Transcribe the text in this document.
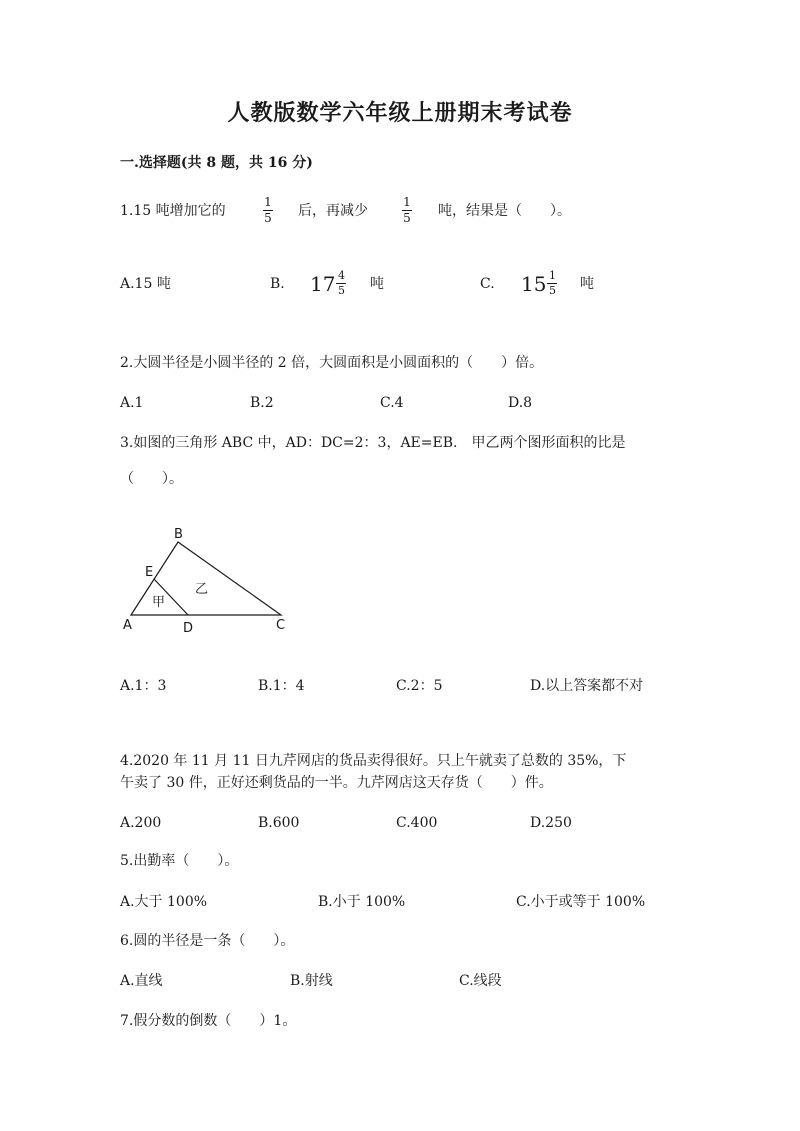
人教版数学六年级上册期末考试卷
一.选择题(共 8 题，共 16 分)
1.15 吨增加它的
1
5 后，再减少
1
5 吨，结果是（　　）。
A.15 吨	B. $17 \frac{4}{5}$ 吨	C. $15 \frac{1}{5}$ 吨
2.大圆半径是小圆半径的 2 倍，大圆面积是小圆面积的（　　）倍。
A.1	B.2	C.4	D.8
3.如图的三角形 ABC 中，AD：DC=2：3，AE=EB.　甲乙两个图形面积的比是
（　　）。
B
E
A	D	C
甲
乙
A.1：3	B.1：4	C.2：5	D.以上答案都不对
4.2020 年 11 月 11 日九芹网店的货品卖得很好。只上午就卖了总数的 35%，下
午卖了 30 件，正好还剩货品的一半。九芹网店这天存货（　　）件。
A.200	B.600	C.400	D.250
5.出勤率（　　）。
A.大于 100%	B.小于 100%	C.小于或等于 100%
6.圆的半径是一条（　　）。
A.直线	B.射线	C.线段
7.假分数的倒数（　　）1。
